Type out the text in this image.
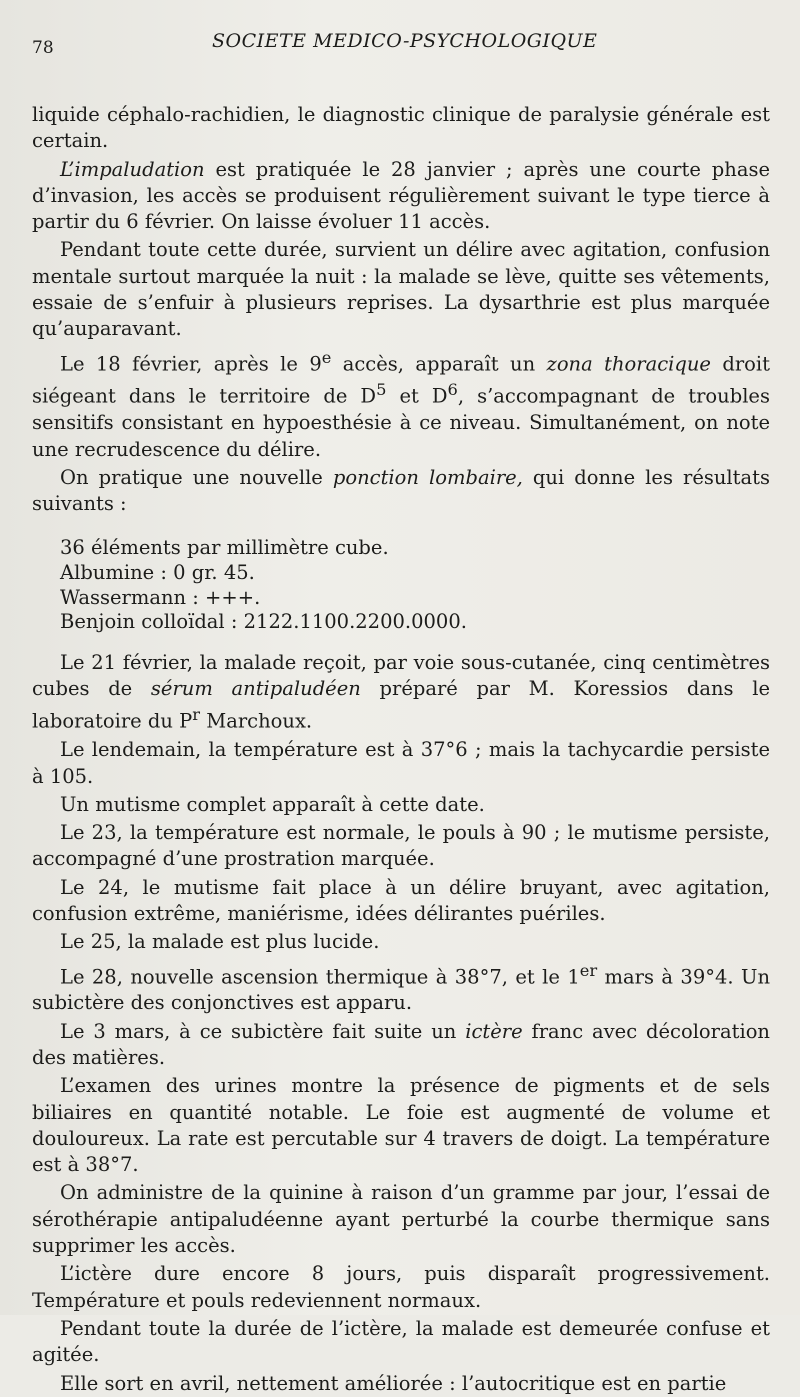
78	SOCIETE MEDICO-PSYCHOLOGIQUE

liquide céphalo-rachidien, le diagnostic clinique de paralysie générale est certain.

L’impaludation est pratiquée le 28 janvier ; après une courte phase d’invasion, les accès se produisent régulièrement suivant le type tierce à partir du 6 février. On laisse évoluer 11 accès.

Pendant toute cette durée, survient un délire avec agitation, confusion mentale surtout marquée la nuit : la malade se lève, quitte ses vêtements, essaie de s’enfuir à plusieurs reprises. La dysarthrie est plus marquée qu’auparavant.

Le 18 février, après le 9e accès, apparaît un zona thoracique droit siégeant dans le territoire de $D^5$ et $D^6$, s’accompagnant de troubles sensitifs consistant en hypoesthésie à ce niveau. Simultanément, on note une recrudescence du délire.

On pratique une nouvelle ponction lombaire, qui donne les résultats suivants :

36 éléments par millimètre cube.
Albumine : 0 gr. 45.
Wassermann : +++.
Benjoin colloïdal : 2122.1100.2200.0000.

Le 21 février, la malade reçoit, par voie sous-cutanée, cinq centimètres cubes de sérum antipaludéen préparé par M. Koressios dans le laboratoire du $P^r$ Marchoux.

Le lendemain, la température est à 37°6 ; mais la tachycardie persiste à 105.

Un mutisme complet apparaît à cette date.

Le 23, la température est normale, le pouls à 90 ; le mutisme persiste, accompagné d’une prostration marquée.

Le 24, le mutisme fait place à un délire bruyant, avec agitation, confusion extrême, maniérisme, idées délirantes puériles.

Le 25, la malade est plus lucide.

Le 28, nouvelle ascension thermique à 38°7, et le 1er mars à 39°4. Un subictère des conjonctives est apparu.

Le 3 mars, à ce subictère fait suite un ictère franc avec décoloration des matières.

L’examen des urines montre la présence de pigments et de sels biliaires en quantité notable. Le foie est augmenté de volume et douloureux. La rate est percutable sur 4 travers de doigt. La température est à 38°7.

On administre de la quinine à raison d’un gramme par jour, l’essai de sérothérapie antipaludéenne ayant perturbé la courbe thermique sans supprimer les accès.

L’ictère dure encore 8 jours, puis disparaît progressivement. Température et pouls redeviennent normaux.

Pendant toute la durée de l’ictère, la malade est demeurée confuse et agitée.

Elle sort en avril, nettement améliorée : l’autocritique est en partie
